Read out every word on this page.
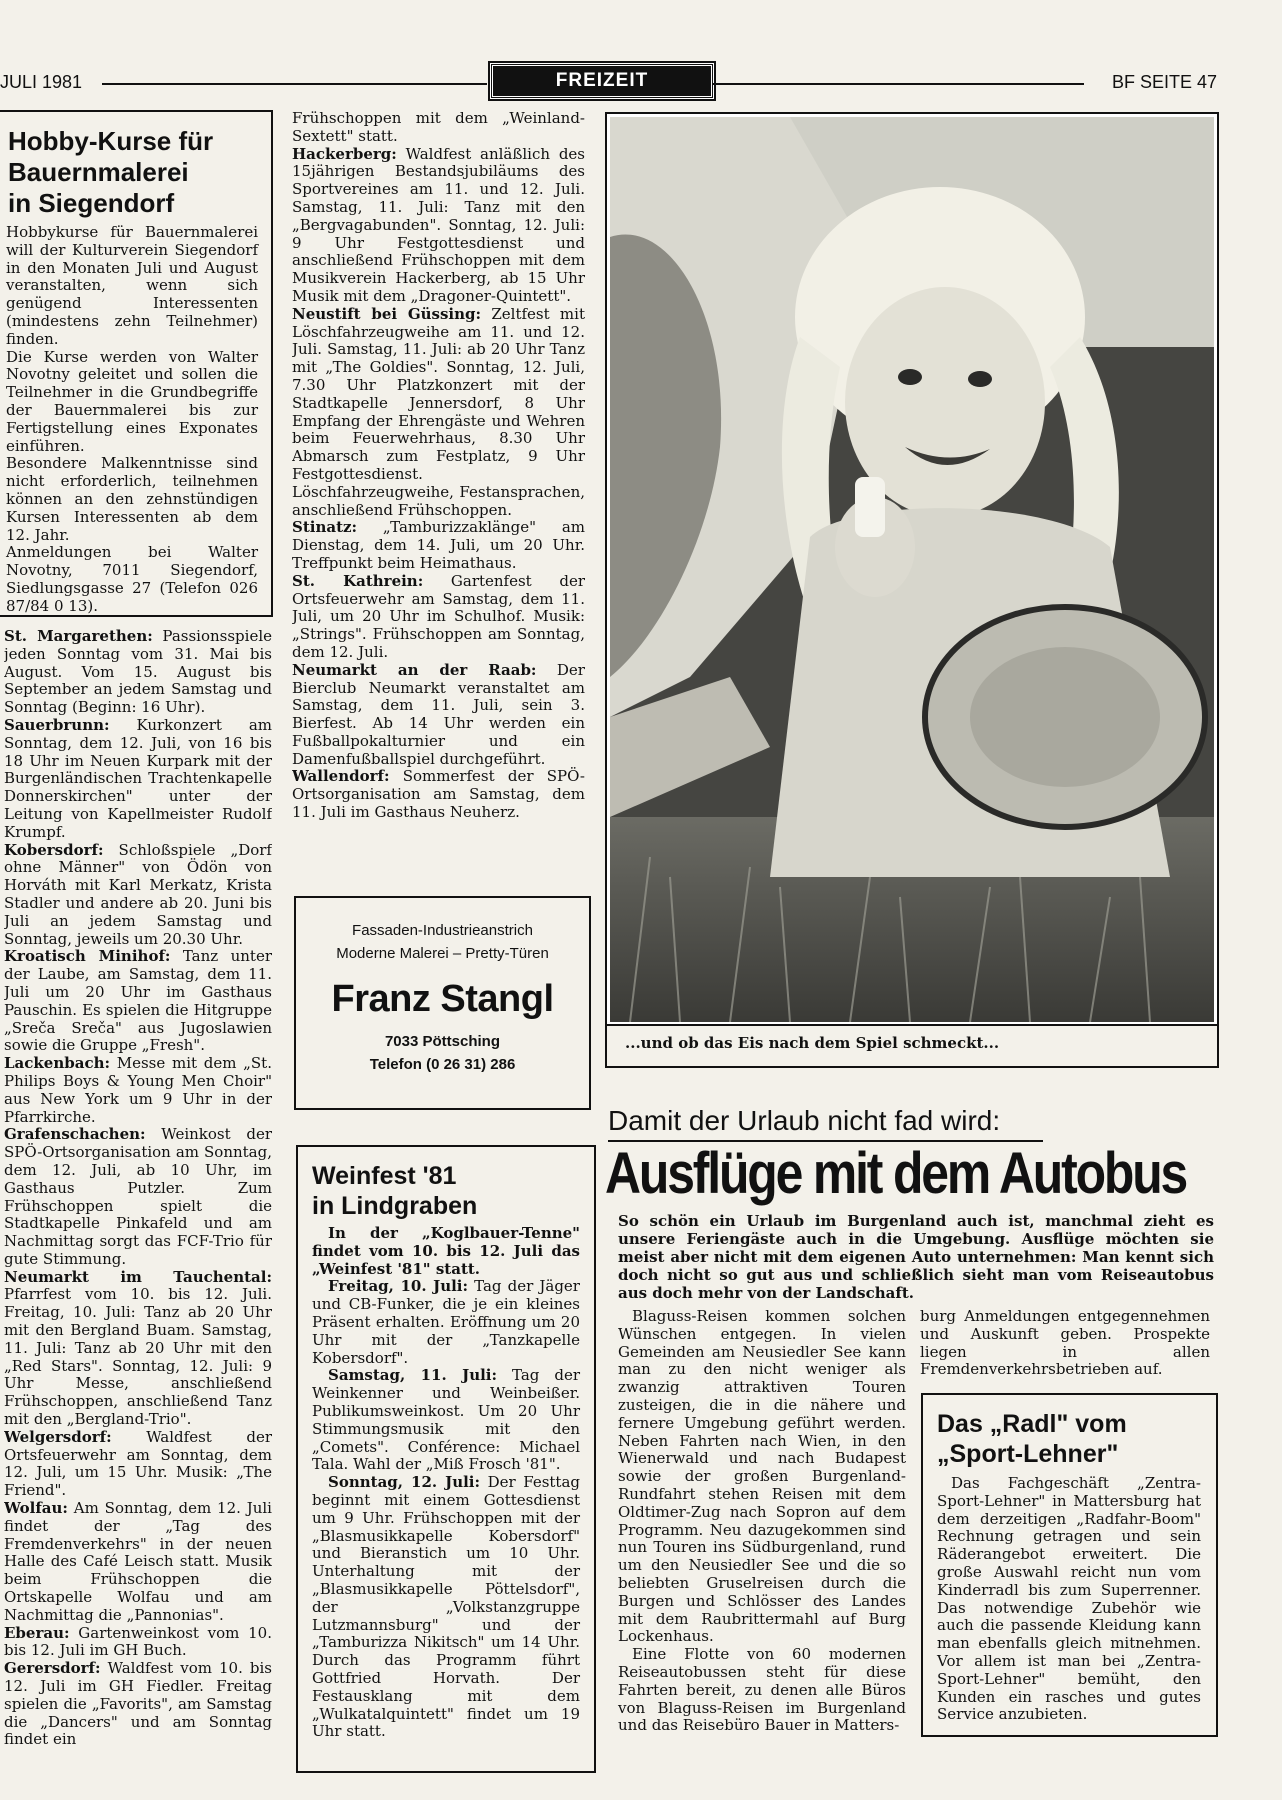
JULI 1981	FREIZEIT	BF SEITE 47
Hobby-Kurse für
Bauernmalerei
in Siegendorf

Hobbykurse für Bauernmalerei will der Kulturverein Siegendorf in den Monaten Juli und August veranstalten, wenn sich genügend Interessenten (mindestens zehn Teilnehmer) finden.

Die Kurse werden von Walter Novotny geleitet und sollen die Teilnehmer in die Grundbegriffe der Bauernmalerei bis zur Fertigstellung eines Exponates einführen.

Besondere Malkenntnisse sind nicht erforderlich, teilnehmen können an den zehnstündigen Kursen Interessenten ab dem 12. Jahr.

Anmeldungen bei Walter Novotny, 7011 Siegendorf, Siedlungsgasse 27 (Telefon 026 87/84 0 13).

St. Margarethen: Passionsspiele jeden Sonntag vom 31. Mai bis August. Vom 15. August bis September an jedem Samstag und Sonntag (Beginn: 16 Uhr).

Sauerbrunn: Kurkonzert am Sonntag, dem 12. Juli, von 16 bis 18 Uhr im Neuen Kurpark mit der Burgenländischen Trachtenkapelle Donnerskirchen" unter der Leitung von Kapellmeister Rudolf Krumpf.

Kobersdorf: Schloßspiele „Dorf ohne Männer" von Ödön von Horváth mit Karl Merkatz, Krista Stadler und andere ab 20. Juni bis Juli an jedem Samstag und Sonntag, jeweils um 20.30 Uhr.

Kroatisch Minihof: Tanz unter der Laube, am Samstag, dem 11. Juli um 20 Uhr im Gasthaus Pauschin. Es spielen die Hitgruppe „Sreča Sreča" aus Jugoslawien sowie die Gruppe „Fresh".

Lackenbach: Messe mit dem „St. Philips Boys & Young Men Choir" aus New York um 9 Uhr in der Pfarrkirche.

Grafenschachen: Weinkost der SPÖ-Ortsorganisation am Sonntag, dem 12. Juli, ab 10 Uhr, im Gasthaus Putzler. Zum Frühschoppen spielt die Stadtkapelle Pinkafeld und am Nachmittag sorgt das FCF-Trio für gute Stimmung.

Neumarkt im Tauchental: Pfarrfest vom 10. bis 12. Juli. Freitag, 10. Juli: Tanz ab 20 Uhr mit den Bergland Buam. Samstag, 11. Juli: Tanz ab 20 Uhr mit den „Red Stars". Sonntag, 12. Juli: 9 Uhr Messe, anschließend Frühschoppen, anschließend Tanz mit den „Bergland-Trio".

Welgersdorf: Waldfest der Ortsfeuerwehr am Sonntag, dem 12. Juli, um 15 Uhr. Musik: „The Friend".

Wolfau: Am Sonntag, dem 12. Juli findet der „Tag des Fremdenverkehrs" in der neuen Halle des Café Leisch statt. Musik beim Frühschoppen die Ortskapelle Wolfau und am Nachmittag die „Pannonias".

Eberau: Gartenweinkost vom 10. bis 12. Juli im GH Buch.

Gerersdorf: Waldfest vom 10. bis 12. Juli im GH Fiedler. Freitag spielen die „Favorits", am Samstag die „Dancers" und am Sonntag findet ein

Frühschoppen mit dem „Weinland-Sextett" statt.

Hackerberg: Waldfest anläßlich des 15jährigen Bestandsjubiläums des Sportvereines am 11. und 12. Juli. Samstag, 11. Juli: Tanz mit den „Bergvagabunden". Sonntag, 12. Juli: 9 Uhr Festgottesdienst und anschließend Frühschoppen mit dem Musikverein Hackerberg, ab 15 Uhr Musik mit dem „Dragoner-Quintett".

Neustift bei Güssing: Zeltfest mit Löschfahrzeugweihe am 11. und 12. Juli. Samstag, 11. Juli: ab 20 Uhr Tanz mit „The Goldies". Sonntag, 12. Juli, 7.30 Uhr Platzkonzert mit der Stadtkapelle Jennersdorf, 8 Uhr Empfang der Ehrengäste und Wehren beim Feuerwehrhaus, 8.30 Uhr Abmarsch zum Festplatz, 9 Uhr Festgottesdienst. Löschfahrzeugweihe, Festansprachen, anschließend Frühschoppen.

Stinatz: „Tamburizzaklänge" am Dienstag, dem 14. Juli, um 20 Uhr. Treffpunkt beim Heimathaus.

St. Kathrein: Gartenfest der Ortsfeuerwehr am Samstag, dem 11. Juli, um 20 Uhr im Schulhof. Musik: „Strings". Frühschoppen am Sonntag, dem 12. Juli.

Neumarkt an der Raab: Der Bierclub Neumarkt veranstaltet am Samstag, dem 11. Juli, sein 3. Bierfest. Ab 14 Uhr werden ein Fußballpokalturnier und ein Damenfußballspiel durchgeführt.

Wallendorf: Sommerfest der SPÖ-Ortsorganisation am Samstag, dem 11. Juli im Gasthaus Neuherz.

Fassaden-Industrieanstrich
Moderne Malerei – Pretty-Türen
Franz Stangl
7033 Pöttsching
Telefon (0 26 31) 286
Weinfest '81
in Lindgraben

In der „Koglbauer-Tenne" findet vom 10. bis 12. Juli das „Weinfest '81" statt.

Freitag, 10. Juli: Tag der Jäger und CB-Funker, die je ein kleines Präsent erhalten. Eröffnung um 20 Uhr mit der „Tanzkapelle Kobersdorf".

Samstag, 11. Juli: Tag der Weinkenner und Weinbeißer. Publikumsweinkost. Um 20 Uhr Stimmungsmusik mit den „Comets". Conférence: Michael Tala. Wahl der „Miß Frosch '81".

Sonntag, 12. Juli: Der Festtag beginnt mit einem Gottesdienst um 9 Uhr. Frühschoppen mit der „Blasmusikkapelle Kobersdorf" und Bieranstich um 10 Uhr. Unterhaltung mit der „Blasmusikkapelle Pöttelsdorf", der „Volkstanzgruppe Lutzmannsburg" und der „Tamburizza Nikitsch" um 14 Uhr. Durch das Programm führt Gottfried Horvath. Der Festausklang mit dem „Wulkatalquintett" findet um 19 Uhr statt.

...und ob das Eis nach dem Spiel schmeckt...
Damit der Urlaub nicht fad wird:
Ausflüge mit dem Autobus
So schön ein Urlaub im Burgenland auch ist, manchmal zieht es unsere Feriengäste auch in die Umgebung. Ausflüge möchten sie meist aber nicht mit dem eigenen Auto unternehmen: Man kennt sich doch nicht so gut aus und schließlich sieht man vom Reiseautobus aus doch mehr von der Landschaft.

Blaguss-Reisen kommen solchen Wünschen entgegen. In vielen Gemeinden am Neusiedler See kann man zu den nicht weniger als zwanzig attraktiven Touren zusteigen, die in die nähere und fernere Umgebung geführt werden. Neben Fahrten nach Wien, in den Wienerwald und nach Budapest sowie der großen Burgenland-Rundfahrt stehen Reisen mit dem Oldtimer-Zug nach Sopron auf dem Programm. Neu dazugekommen sind nun Touren ins Südburgenland, rund um den Neusiedler See und die so beliebten Gruselreisen durch die Burgen und Schlösser des Landes mit dem Raubrittermahl auf Burg Lockenhaus.

Eine Flotte von 60 modernen Reiseautobussen steht für diese Fahrten bereit, zu denen alle Büros von Blaguss-Reisen im Burgenland und das Reisebüro Bauer in Matters-

burg Anmeldungen entgegennehmen und Auskunft geben. Prospekte liegen in allen Fremdenverkehrsbetrieben auf.

Das „Radl" vom
„Sport-Lehner"

Das Fachgeschäft „Zentra-Sport-Lehner" in Mattersburg hat dem derzeitigen „Radfahr-Boom" Rechnung getragen und sein Räderangebot erweitert. Die große Auswahl reicht nun vom Kinderradl bis zum Superrenner. Das notwendige Zubehör wie auch die passende Kleidung kann man ebenfalls gleich mitnehmen. Vor allem ist man bei „Zentra-Sport-Lehner" bemüht, den Kunden ein rasches und gutes Service anzubieten.
